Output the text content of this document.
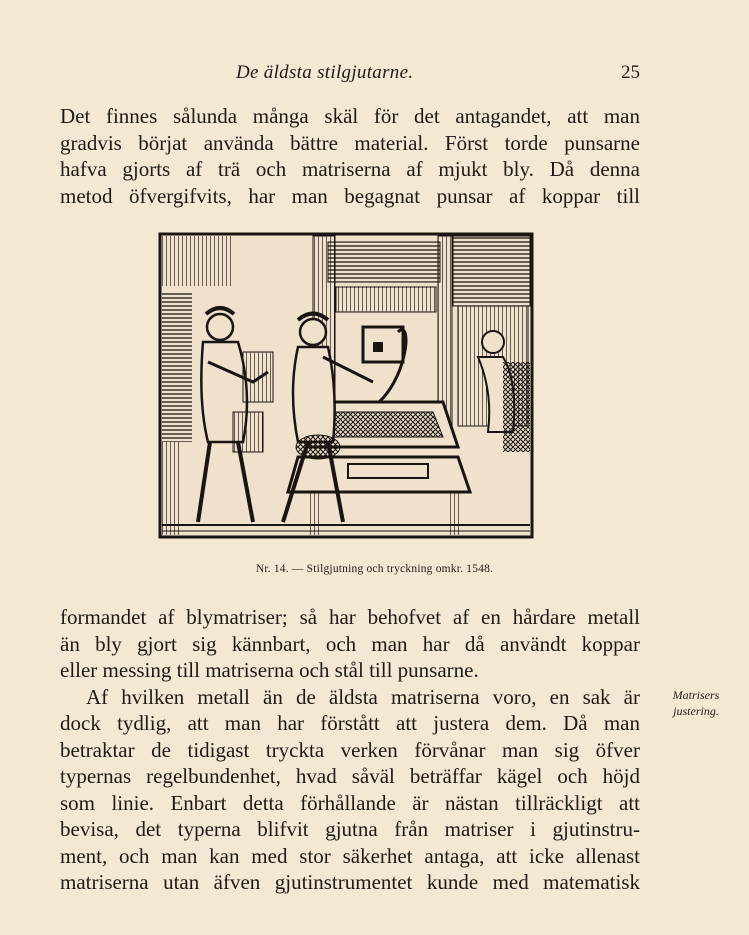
De äldsta stilgjutarne.	25
Det finnes sålunda många skäl för det antagandet, att man
gradvis börjat använda bättre material. Först torde punsarne
hafva gjorts af trä och matriserna af mjukt bly. Då denna
metod öfvergifvits, har man begagnat punsar af koppar till
Nr. 14. — Stilgjutning och tryckning omkr. 1548.
formandet af blymatriser; så har behofvet af en hårdare metall
än bly gjort sig kännbart, och man har då användt koppar
eller messing till matriserna och stål till punsarne.
Af hvilken metall än de äldsta matriserna voro, en sak är
dock tydlig, att man har förstått att justera dem. Då man
betraktar de tidigast tryckta verken förvånar man sig öfver
typernas regelbundenhet, hvad såväl beträffar kägel och höjd
som linie. Enbart detta förhållande är nästan tillräckligt att
bevisa, det typerna blifvit gjutna från matriser i gjutinstru-
ment, och man kan med stor säkerhet antaga, att icke allenast
matriserna utan äfven gjutinstrumentet kunde med matematisk
Matrisers
justering.
